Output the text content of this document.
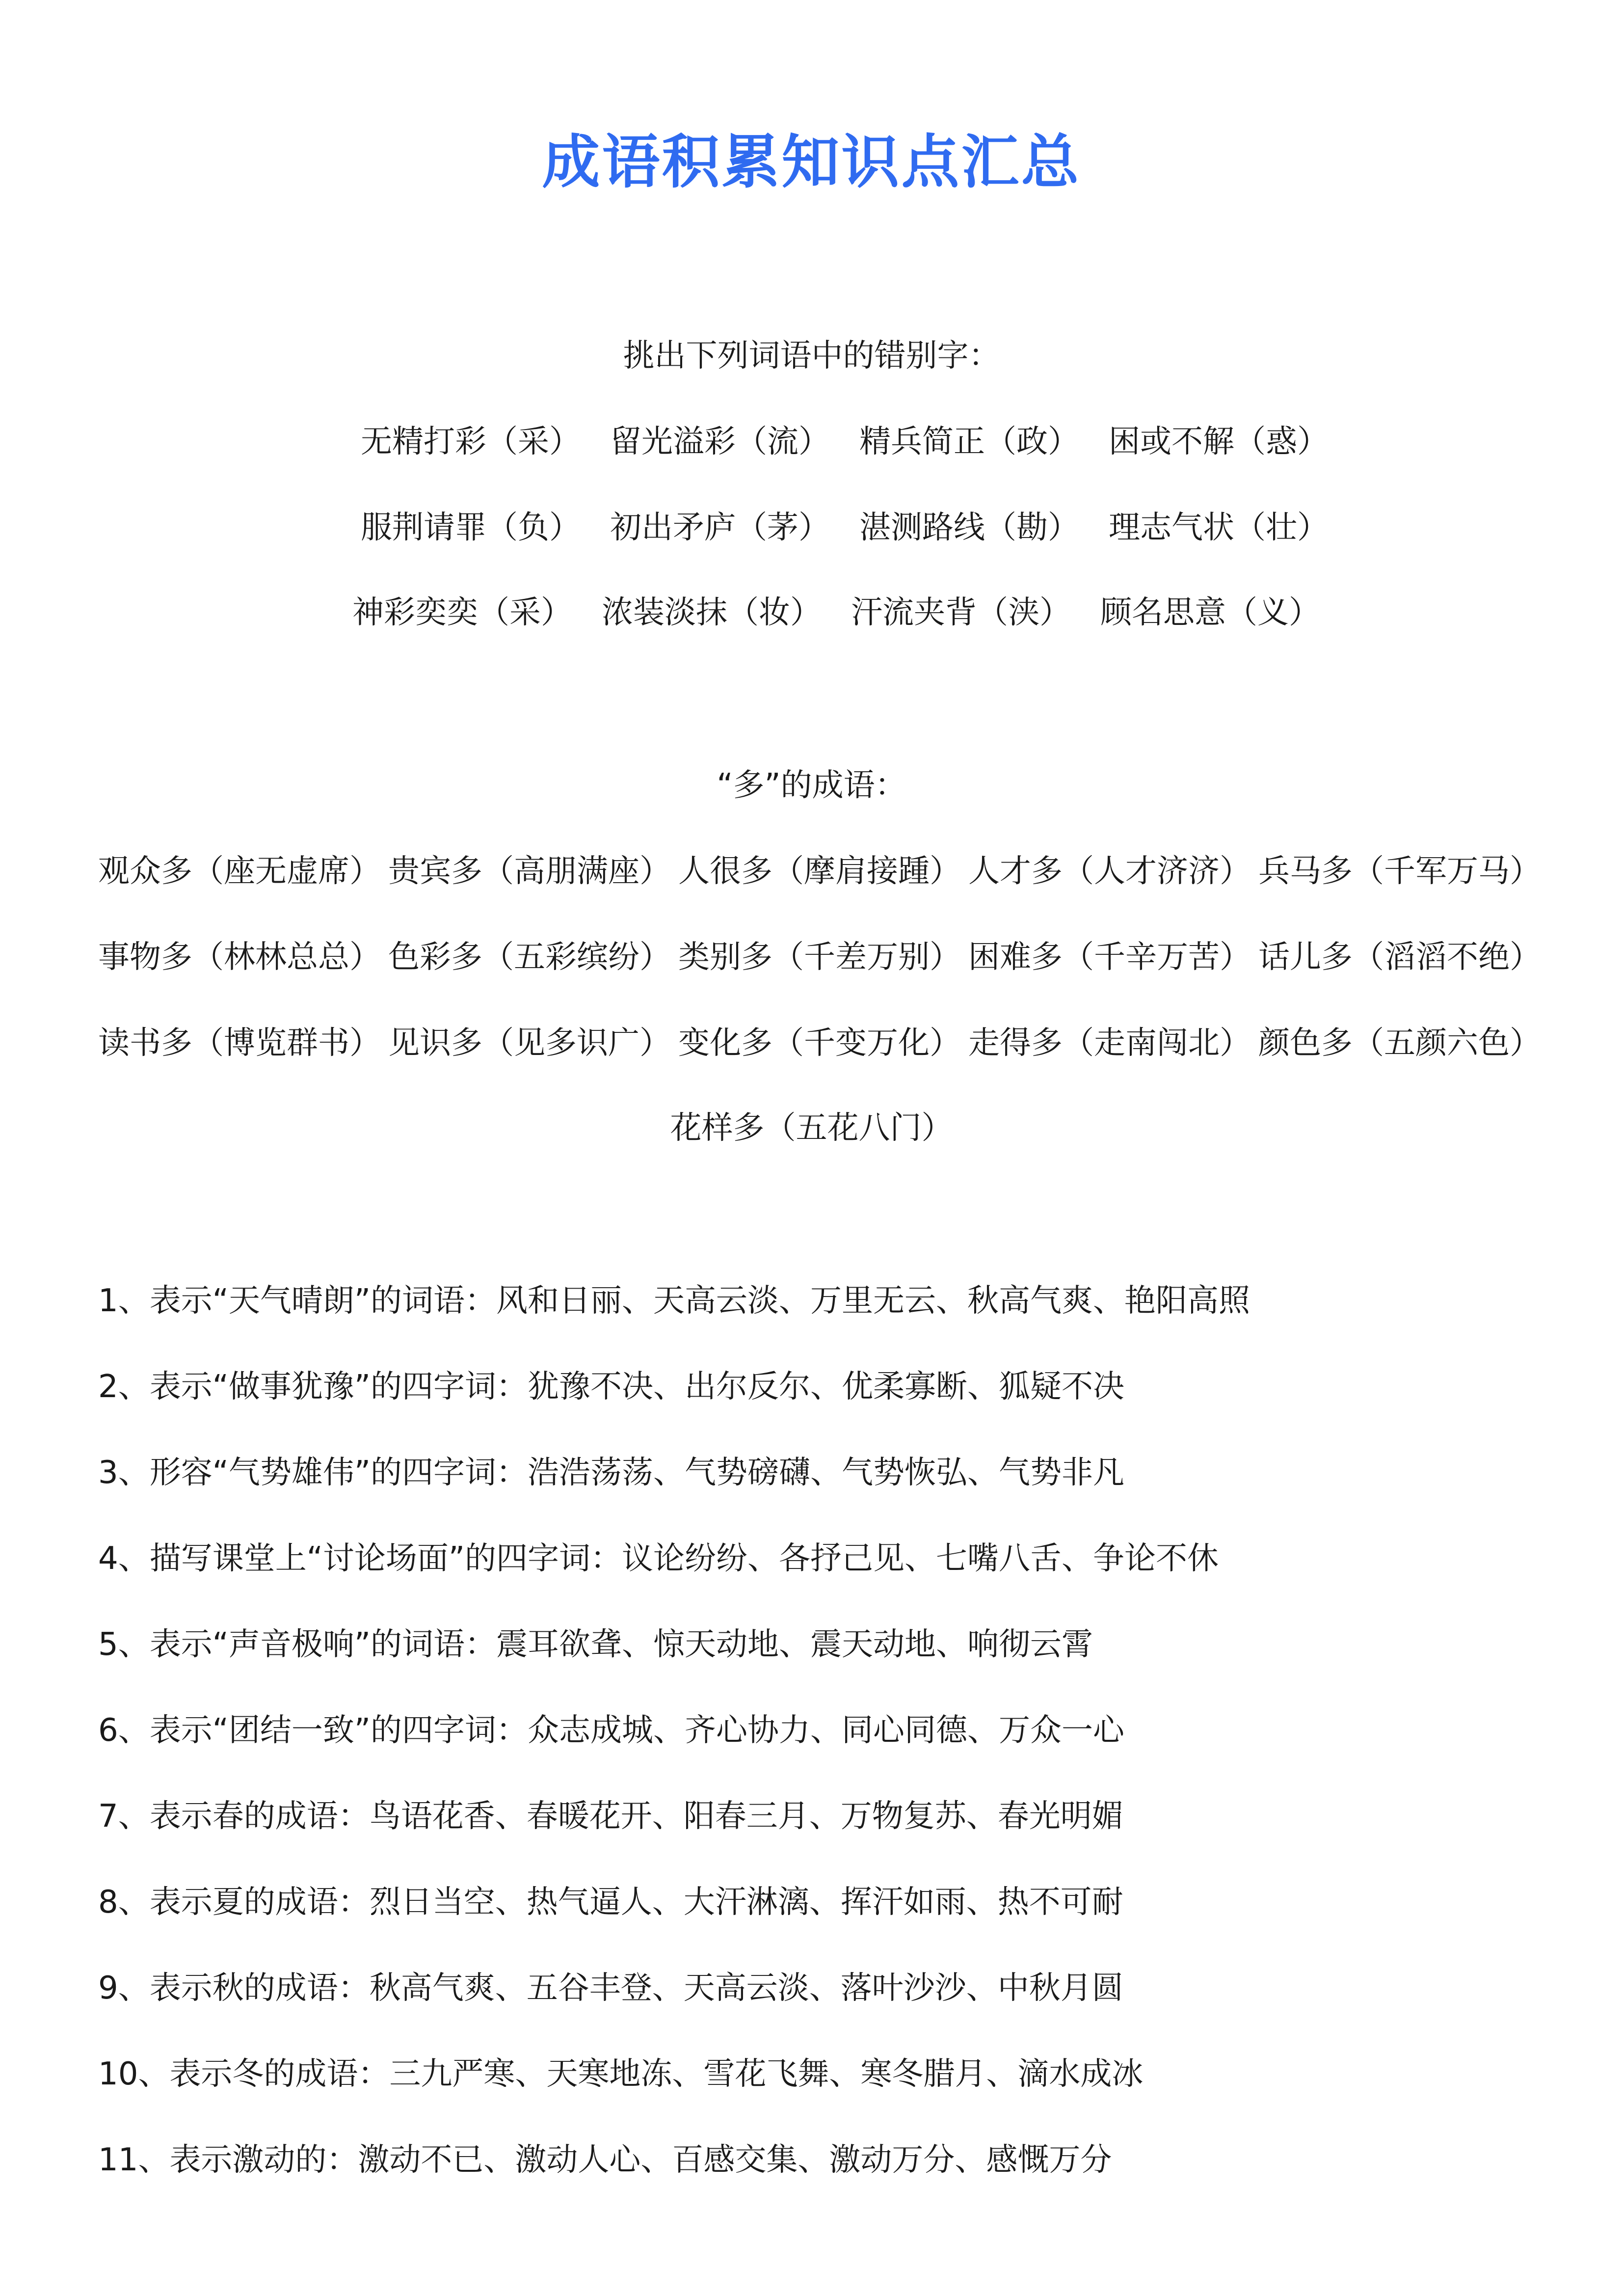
成语积累知识点汇总
挑出下列词语中的错别字：
无精打彩（采） 留光溢彩（流） 精兵简正（政） 困或不解（惑）
服荆请罪（负） 初出矛庐（茅） 湛测路线（勘） 理志气状（壮）
神彩奕奕（采） 浓装淡抹（妆） 汗流夹背（浃） 顾名思意（义）
“多”的成语：
观众多（座无虚席） 贵宾多（高朋满座） 人很多（摩肩接踵） 人才多（人才济济） 兵马多（千军万马）
事物多（林林总总） 色彩多（五彩缤纷） 类别多（千差万别） 困难多（千辛万苦） 话儿多（滔滔不绝）
读书多（博览群书） 见识多（见多识广） 变化多（千变万化） 走得多（走南闯北） 颜色多（五颜六色）
花样多（五花八门）
1、表示“天气晴朗”的词语：风和日丽、天高云淡、万里无云、秋高气爽、艳阳高照
2、表示“做事犹豫”的四字词：犹豫不决、出尔反尔、优柔寡断、狐疑不决
3、形容“气势雄伟”的四字词：浩浩荡荡、气势磅礴、气势恢弘、气势非凡
4、描写课堂上“讨论场面”的四字词：议论纷纷、各抒己见、七嘴八舌、争论不休
5、表示“声音极响”的词语：震耳欲聋、惊天动地、震天动地、响彻云霄
6、表示“团结一致”的四字词：众志成城、齐心协力、同心同德、万众一心
7、表示春的成语：鸟语花香、春暖花开、阳春三月、万物复苏、春光明媚
8、表示夏的成语：烈日当空、热气逼人、大汗淋漓、挥汗如雨、热不可耐
9、表示秋的成语：秋高气爽、五谷丰登、天高云淡、落叶沙沙、中秋月圆
10、表示冬的成语：三九严寒、天寒地冻、雪花飞舞、寒冬腊月、滴水成冰
11、表示激动的：激动不已、激动人心、百感交集、激动万分、感慨万分
